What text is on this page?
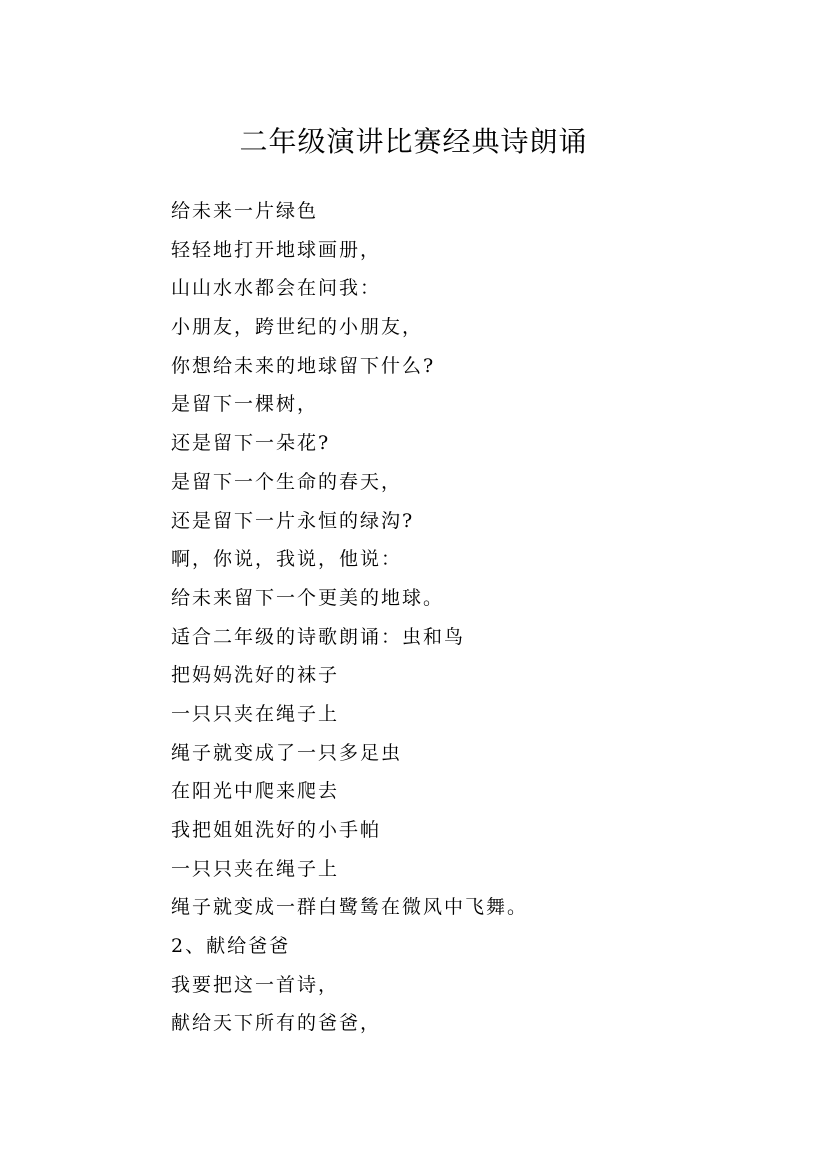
二年级演讲比赛经典诗朗诵
给未来一片绿色
轻轻地打开地球画册，
山山水水都会在问我：
小朋友，跨世纪的小朋友，
你想给未来的地球留下什么?
是留下一棵树，
还是留下一朵花?
是留下一个生命的春天，
还是留下一片永恒的绿沟?
啊，你说，我说，他说：
给未来留下一个更美的地球。
适合二年级的诗歌朗诵：虫和鸟
把妈妈洗好的袜子
一只只夹在绳子上
绳子就变成了一只多足虫
在阳光中爬来爬去
我把姐姐洗好的小手帕
一只只夹在绳子上
绳子就变成一群白鹭鸶在微风中飞舞。
2、献给爸爸
我要把这一首诗，
献给天下所有的爸爸，
